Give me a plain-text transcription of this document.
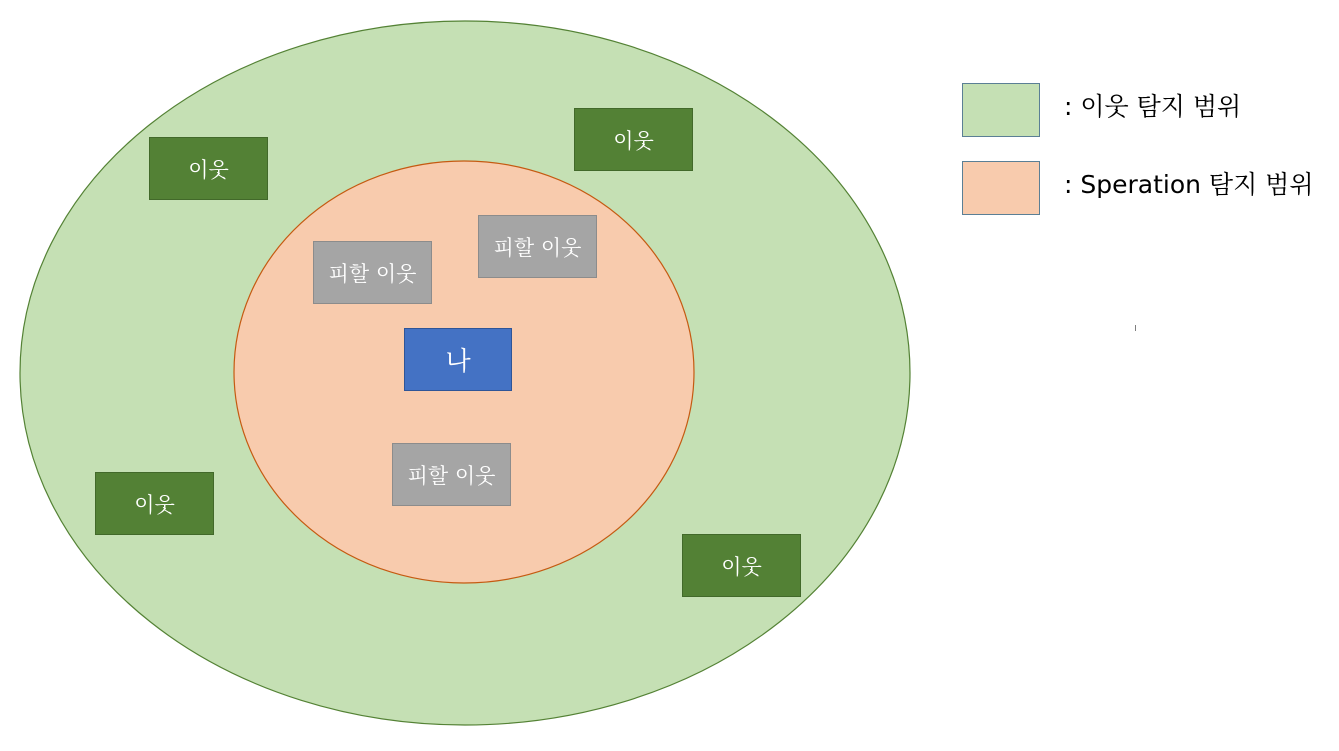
이웃
이웃
이웃
이웃
피할 이웃
피할 이웃
피할 이웃
나
: 이웃 탐지 범위
: Speration 탐지 범위
